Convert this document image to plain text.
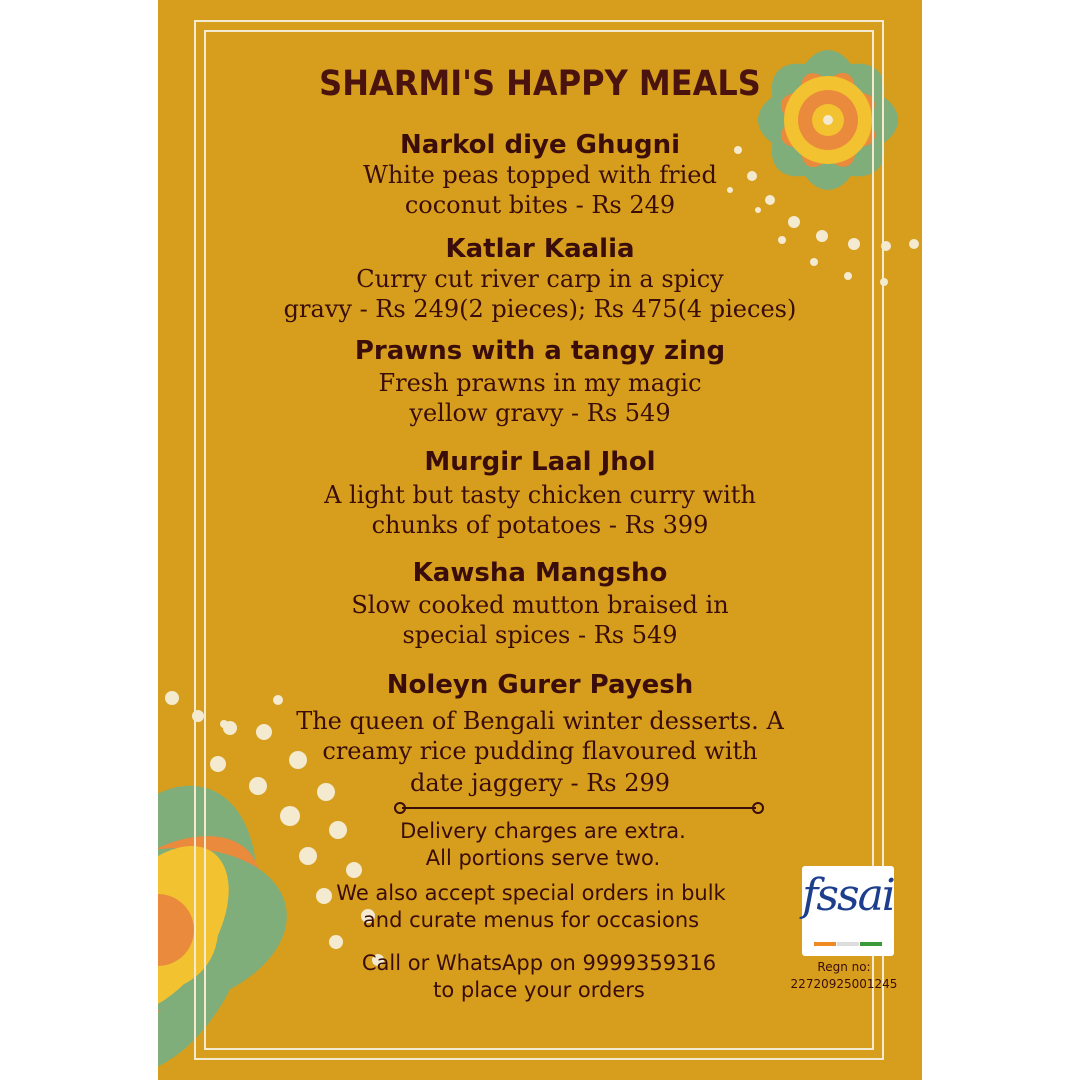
SHARMI'S HAPPY MEALS
Narkol diye Ghugni
White peas topped with fried
coconut bites - Rs 249
Katlar Kaalia
Curry cut river carp in a spicy
gravy - Rs 249(2 pieces); Rs 475(4 pieces)
Prawns with a tangy zing
Fresh prawns in my magic
yellow gravy - Rs 549
Murgir Laal Jhol
A light but tasty chicken curry with
chunks of potatoes - Rs 399
Kawsha Mangsho
Slow cooked mutton braised in
special spices - Rs 549
Noleyn Gurer Payesh
The queen of Bengali winter desserts. A
creamy rice pudding flavoured with
date jaggery - Rs 299
Delivery charges are extra.
All portions serve two.
We also accept special orders in bulk
and curate menus for occasions
Call or WhatsApp on 9999359316
to place your orders
fssai
Regn no:
22720925001245
